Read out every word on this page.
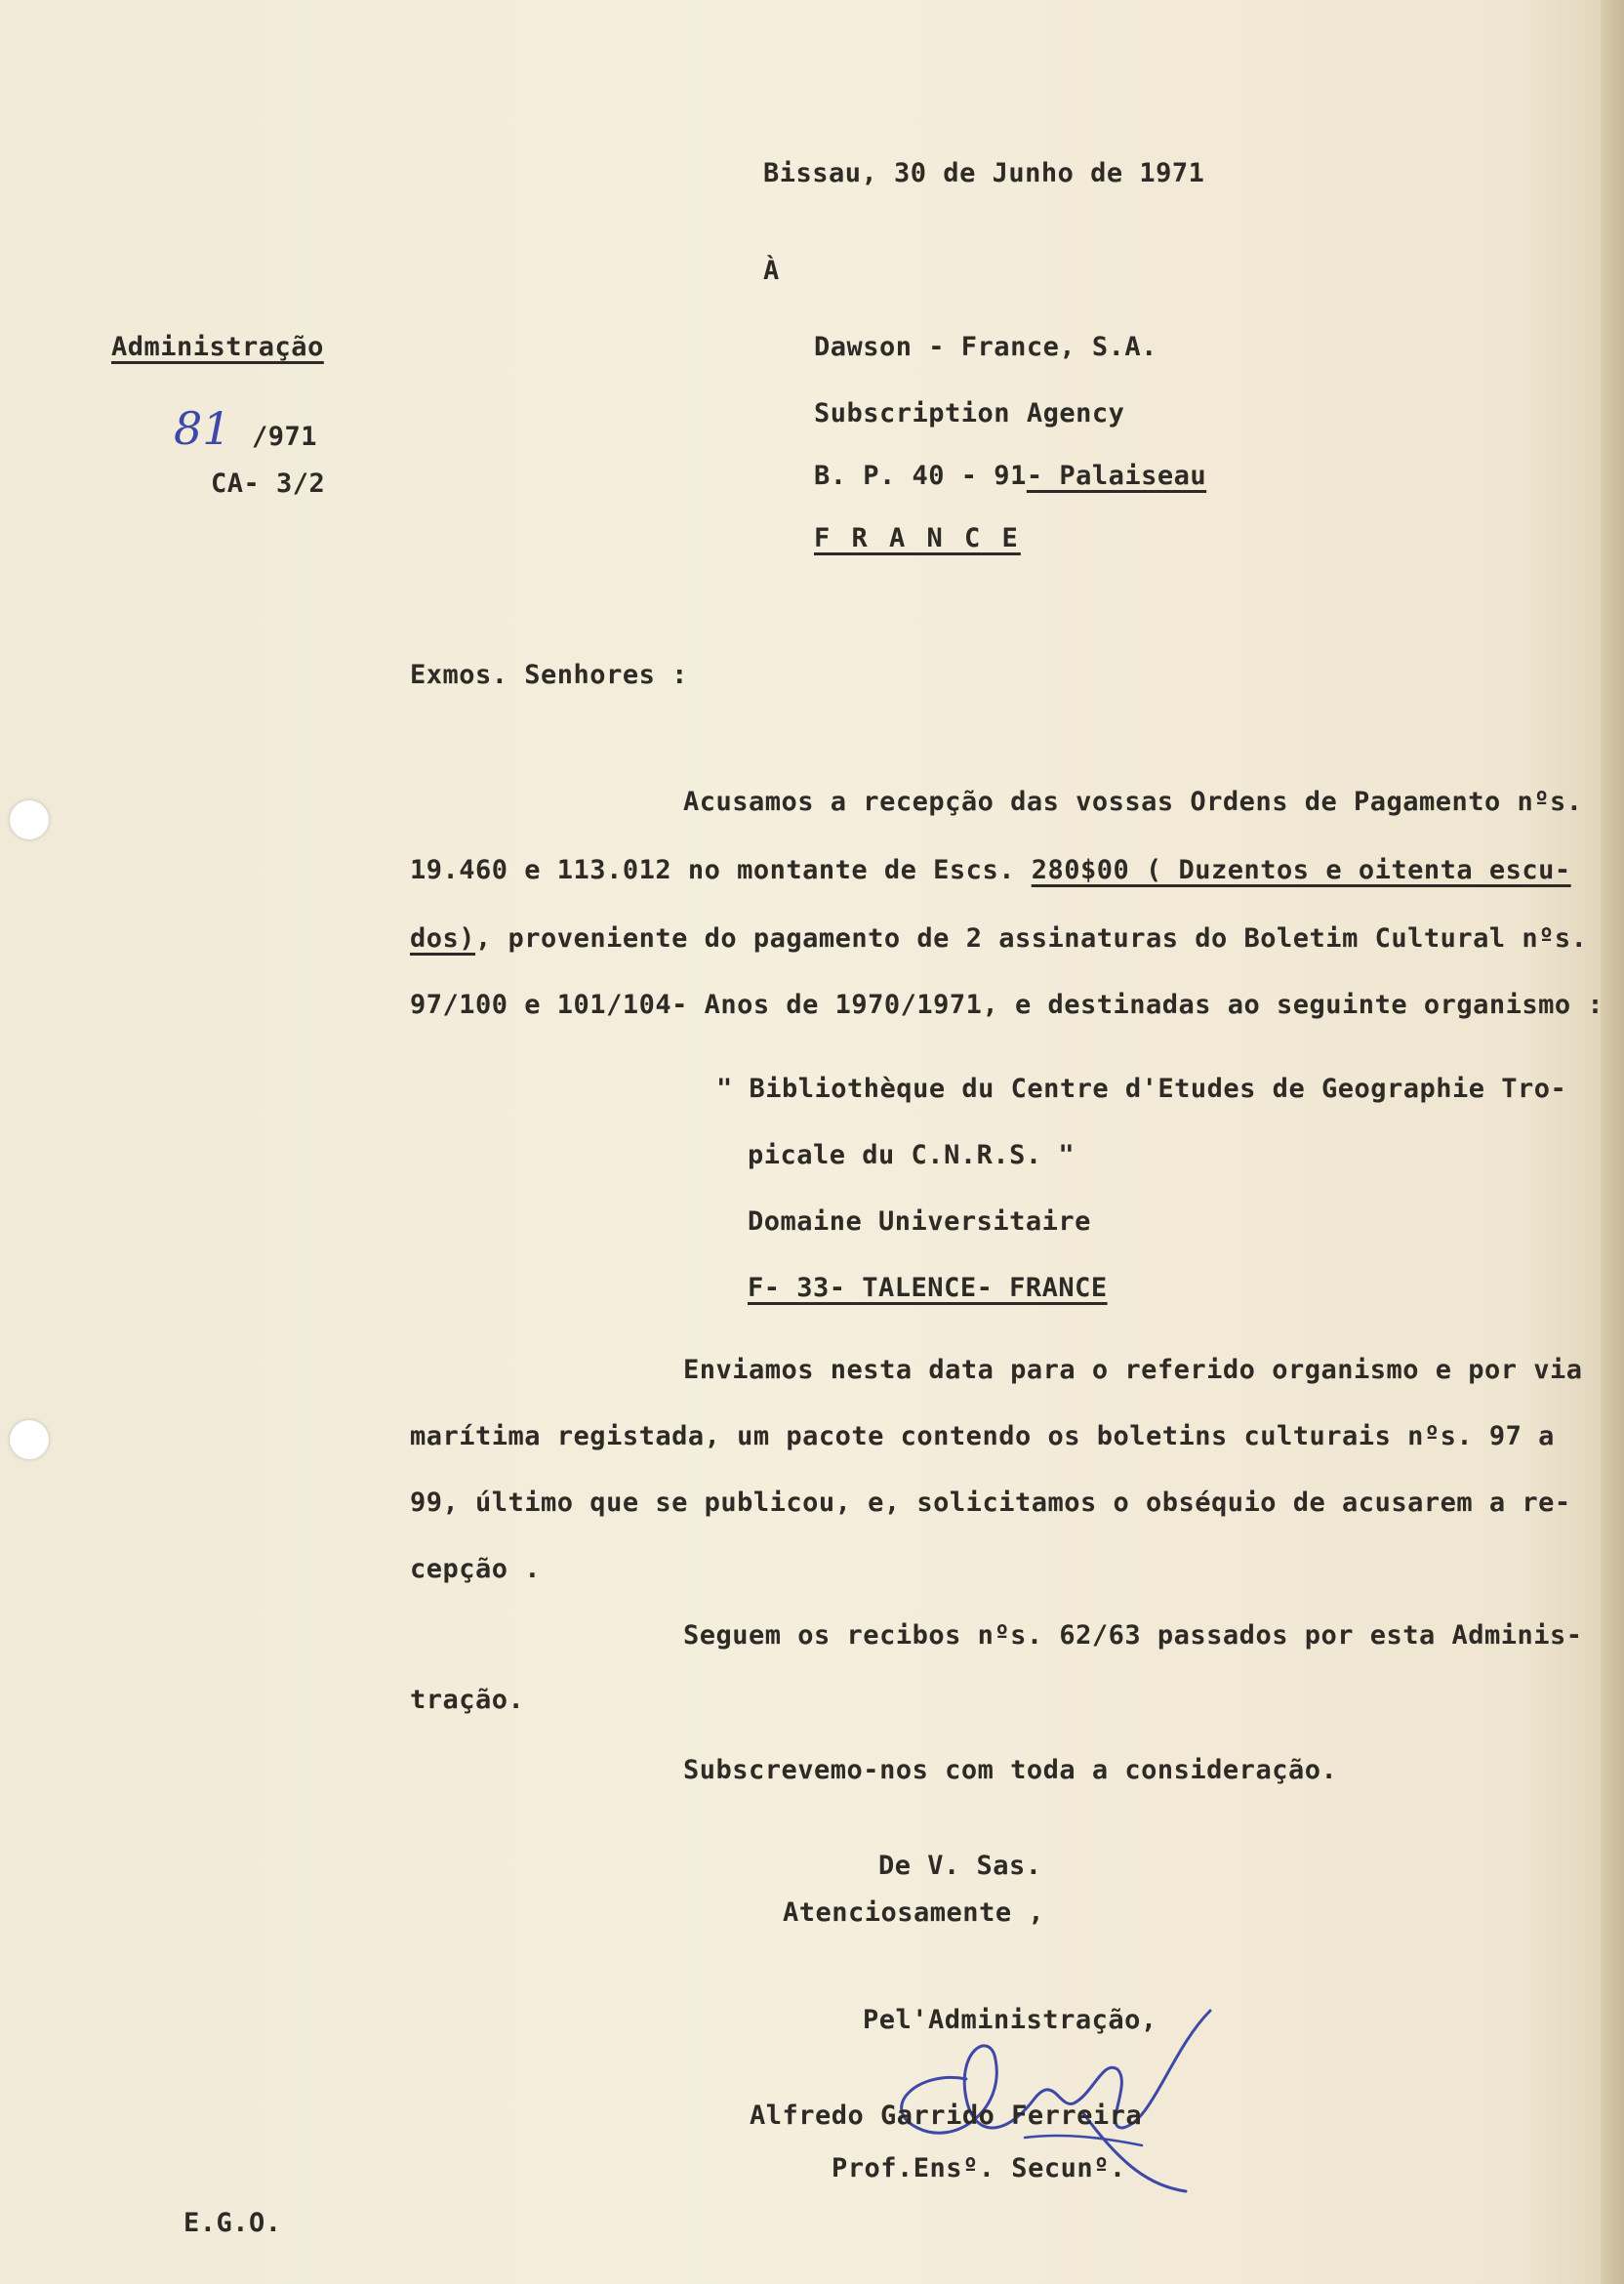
Bissau, 30 de Junho de 1971
À
Administração
81 /971
CA- 3/2
Dawson - France, S.A.
Subscription Agency
B. P. 40 - 91- Palaiseau
F R A N C E
Exmos. Senhores :
Acusamos a recepção das vossas Ordens de Pagamento nºs.
19.460 e 113.012 no montante de Escs. 280$00 ( Duzentos e oitenta escu-
dos), proveniente do pagamento de 2 assinaturas do Boletim Cultural nºs.
97/100 e 101/104- Anos de 1970/1971, e destinadas ao seguinte organismo :
" Bibliothèque du Centre d'Etudes de Geographie Tro-
picale du C.N.R.S. "
Domaine Universitaire
F- 33- TALENCE- FRANCE
Enviamos nesta data para o referido organismo e por via
marítima registada, um pacote contendo os boletins culturais nºs. 97 a
99, último que se publicou, e, solicitamos o obséquio de acusarem a re-
cepção .
Seguem os recibos nºs. 62/63 passados por esta Adminis-
tração.
Subscrevemo-nos com toda a consideração.
De V. Sas.
Atenciosamente ,
Pel'Administração,
Alfredo Garrido Ferreira
Prof.Ensº. Secunº.
E.G.O.
